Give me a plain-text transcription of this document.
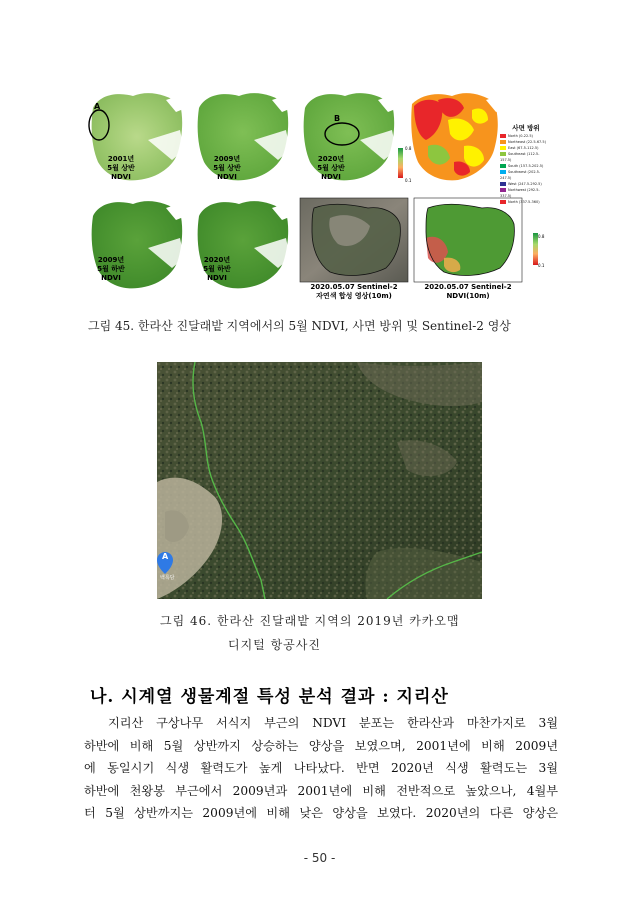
A
B
2001년
5월 상반
NDVI
2009년
5월 상반
NDVI
2020년
5월 상반
NDVI
0.8
0.1
사면 방위
North (0-22.5)
Northeast (22.5-67.5)
East (67.5-112.5)
Southeast (112.5-157.5)
South (157.5-202.5)
Southwest (202.5-247.5)
West (247.5-292.5)
Northwest (292.5-337.5)
North (337.5-360)
2009년
5월 하반
NDVI
2020년
5월 하반
NDVI
2020.05.07 Sentinel-2
자연색 합성 영상(10m)
2020.05.07 Sentinel-2
NDVI(10m)
0.8
0.1
그림 45. 한라산 진달래밭 지역에서의 5월 NDVI, 사면 방위 및 Sentinel-2 영상
A
백록담
그림 46. 한라산 진달래밭 지역의 2019년 카카오맵
디지털 항공사진
나. 시계열 생물계절 특성 분석 결과 : 지리산
지리산 구상나무 서식지 부근의 NDVI 분포는 한라산과 마찬가지로 3월
하반에 비해 5월 상반까지 상승하는 양상을 보였으며, 2001년에 비해 2009년
에 동일시기 식생 활력도가 높게 나타났다. 반면 2020년 식생 활력도는 3월
하반에 천왕봉 부근에서 2009년과 2001년에 비해 전반적으로 높았으나, 4월부
터 5월 상반까지는 2009년에 비해 낮은 양상을 보였다. 2020년의 다른 양상은
- 50 -
